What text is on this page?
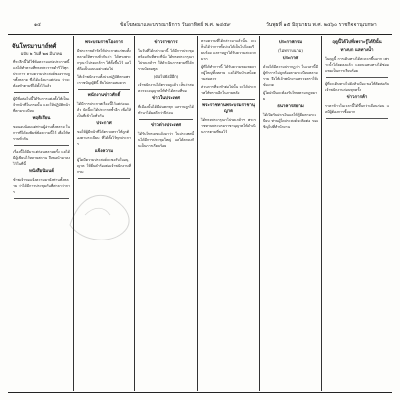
๑๔	ข้อโฆษณาและบรรณาธิการ วันอาทิตย์ พ.ศ. ๒๔๕๙	วันพุธที่ ๑๕ มิถุนายน พ.ศ. ๒๔๖๐ ราชกิจจานุเบกษา
จันโทรมานาถ์ทศ์
ฉบับ ๒ วันที่ ๒๗ มีนาคม
ที่ระลึกนี้ได้ใช้ข้อความแห่งประกาศนี้ แลได้ทำตามที่ทรงพระราชดำริไว้ทุกประการ ตามความประสงค์ของราษฎรทั้งหลาย ซึ่งได้แจ้งมาแต่ก่อน ว่าจะต้องทำตามที่ได้ตั้งไว้แล้ว
ผู้มีชื่อต่อไปนี้ได้รับการแต่งตั้งให้เป็นเจ้าหน้าที่ในกรมนั้น และให้ปฏิบัติหน้าที่ตามระเบียบ
พฤติเรียน
ขอนอบน้อมแด่ท่านผู้อ่านทั้งหลาย ในการที่ได้ลงพิมพ์ข้อความนี้ไว้ เพื่อให้ทราบทั่วกัน
เรื่องนี้ได้มีมาแต่ก่อนหลายครั้ง แลได้มีผู้เขียนไว้หลายสถาน จึงขอนำมาลงไว้ในที่นี้
หนังสือนิมนต์
ข้าพเจ้าขอแจ้งความมายังท่านทั้งหลาย ว่าได้มีการประชุมกันที่ศาลาว่าการ
พระบรมราชโองการ
มีพระราชดำรัสให้ประกาศแก่ชนทั้งหลายให้ทราบทั่วกันว่า ได้ทรงพระกรุณาโปรดเกล้าฯ ให้ตั้งขึ้นไว้ แลให้ถือเป็นแบบอย่างต่อไป
ให้เจ้าพนักงานทั้งปวงปฏิบัติตามพระราชบัญญัตินี้ สืบไปตามสมควร
พนักงานข่าวศักดิ์
ได้มีการประกาศเรื่องนี้ไว้แต่ก่อนแล้ว บัดนี้จะได้ประกาศซ้ำอีก เพื่อให้เป็นที่เข้าใจทั่วกัน
ประกาศ
ขอให้ผู้มีหน้าที่ได้ตรวจตราให้ถูกต้องตามระเบียบ ที่ได้ตั้งไว้ทุกประการ
แจ้งความ
ผู้ใดมีความประสงค์จะขอรับใบอนุญาต ให้ยื่นคำร้องต่อเจ้าพนักงานที่กรม
ข่าวราชการ
ในวันที่ได้กล่าวมานี้ ได้มีการประชุมพร้อมกันที่พระที่นั่ง ได้ทรงพระกรุณาโปรดเกล้าฯ ให้ดำเนินการตามที่ได้กราบบังคมทูล
(ต่อไปยังมีอีก)
เจ้าพนักงานได้ตรวจดูแล้ว เห็นว่าสมควรจะอนุญาตให้ทำได้ตามที่ขอ
ข่าวในประเทศ
ที่เมืองนั้นได้มีฝนตกชุก แลราษฎรได้ทำนาได้ผลดีกว่าปีก่อน
ข่าวต่างประเทศ
ได้รับโทรเลขแจ้งมาว่า ในประเทศนั้นได้มีการประชุมใหญ่ แลได้ตกลงกันเป็นการเรียบร้อย
ตามความที่ได้กล่าวมาแล้วนั้น จะเห็นได้ว่าการทั้งปวงได้เป็นไปโดยเรียบร้อย แลราษฎรได้รับความสะดวกมาก
ผู้ที่ได้ทำการนี้ ได้รับความชมเชยจากผู้ใหญ่ทั้งหลาย แลได้รับบำเหน็จตามสมควร
ส่วนการที่จะทำต่อไปนั้น จะได้ประกาศให้ทราบอีกในภายหลัง
พระราชทานพระบรมราชานุญาต
ได้ทรงพระกรุณาโปรดเกล้าฯ พระราชทานพระบรมราชานุญาตให้ดำเนินการตามที่ขอไว้
ประกาศกรม
(ไม่ทราบนาม)
ประกาศ
ด้วยได้มีความปรากฏว่า ในเวลานี้มีผู้ทำการไม่ถูกต้องตามระเบียบหลายราย จึงให้เจ้าพนักงานตรวจตราให้เข้มงวด
ผู้ใดฝ่าฝืนจะต้องรับโทษตามกฎหมาย
ธนาคารสยาม
ได้เปิดรับฝากเงินแลให้กู้ยืมตามระเบียบ ท่านผู้ใดประสงค์จะติดต่อ ขอเชิญไปที่สำนักงาน
ฤดูนี้ได้ไปที่เพราะรู้ได้ปีนั้น
ทางบก แลทางน้ำ
ในฤดูนี้ การเดินทางได้สะดวกขึ้นมาก เพราะน้ำได้ลดลงแล้ว แลถนนหนทางได้ซ่อมแซมเป็นการเรียบร้อย
ผู้ที่จะเดินทางไปยังหัวเมือง ขอให้ติดต่อกับเจ้าพนักงานก่อนทุกครั้ง
ข่าวการค้า
ราคาข้าวในเวลานี้ได้ขึ้นกว่าเดือนก่อน แลมีผู้ต้องการซื้อมาก
